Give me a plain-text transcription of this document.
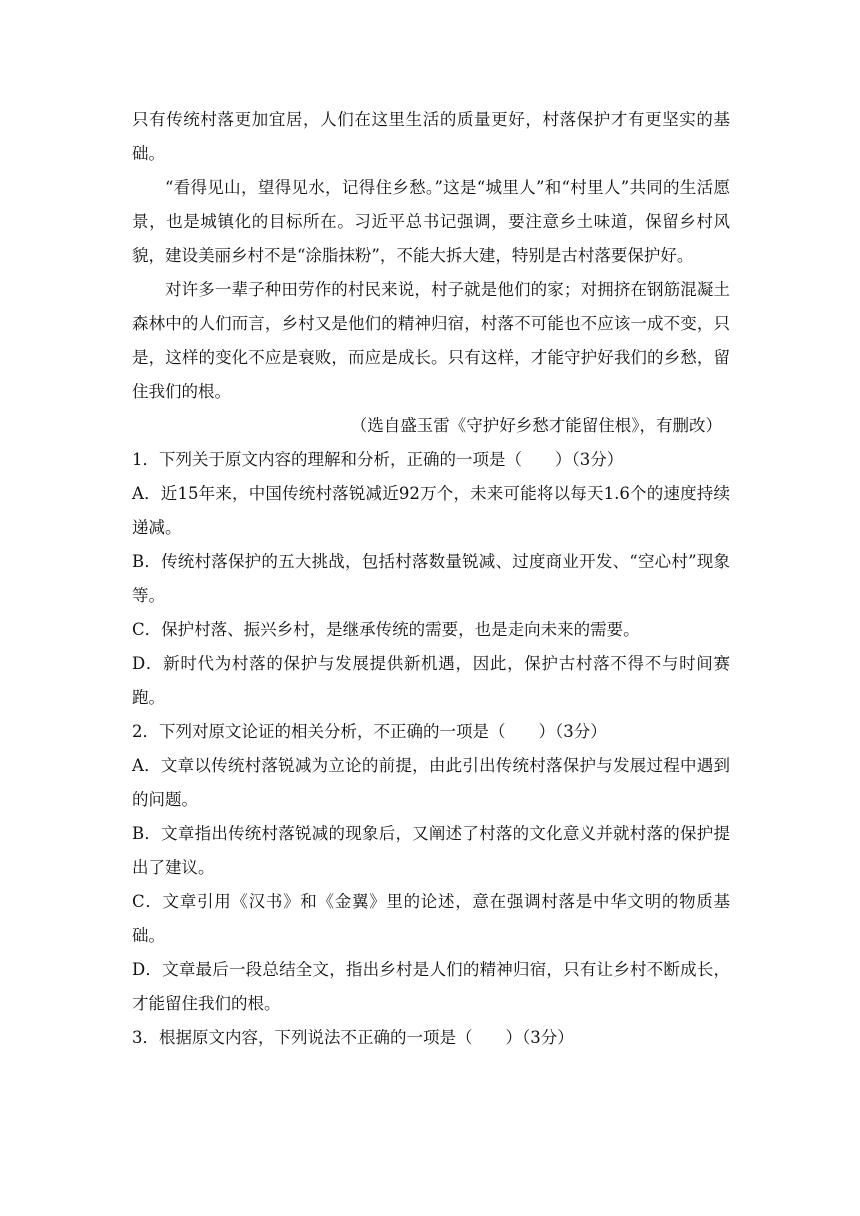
只有传统村落更加宜居，人们在这里生活的质量更好，村落保护才有更坚实的基础。

“看得见山，望得见水，记得住乡愁。”这是“城里人”和“村里人”共同的生活愿景，也是城镇化的目标所在。习近平总书记强调，要注意乡土味道，保留乡村风貌，建设美丽乡村不是“涂脂抹粉”，不能大拆大建，特别是古村落要保护好。

对许多一辈子种田劳作的村民来说，村子就是他们的家；对拥挤在钢筋混凝土森林中的人们而言，乡村又是他们的精神归宿，村落不可能也不应该一成不变，只是，这样的变化不应是衰败，而应是成长。只有这样，才能守护好我们的乡愁，留住我们的根。

（选自盛玉雷《守护好乡愁才能留住根》，有删改）

1．下列关于原文内容的理解和分析，正确的一项是（　　）（3分）

A．近15年来，中国传统村落锐减近92万个，未来可能将以每天1.6个的速度持续递减。

B．传统村落保护的五大挑战，包括村落数量锐减、过度商业开发、“空心村”现象等。

C．保护村落、振兴乡村，是继承传统的需要，也是走向未来的需要。

D．新时代为村落的保护与发展提供新机遇，因此，保护古村落不得不与时间赛跑。

2．下列对原文论证的相关分析，不正确的一项是（　　）（3分）

A．文章以传统村落锐减为立论的前提，由此引出传统村落保护与发展过程中遇到的问题。

B．文章指出传统村落锐减的现象后，又阐述了村落的文化意义并就村落的保护提出了建议。

C．文章引用《汉书》和《金翼》里的论述，意在强调村落是中华文明的物质基础。

D．文章最后一段总结全文，指出乡村是人们的精神归宿，只有让乡村不断成长，才能留住我们的根。

3．根据原文内容，下列说法不正确的一项是（　　）（3分）
